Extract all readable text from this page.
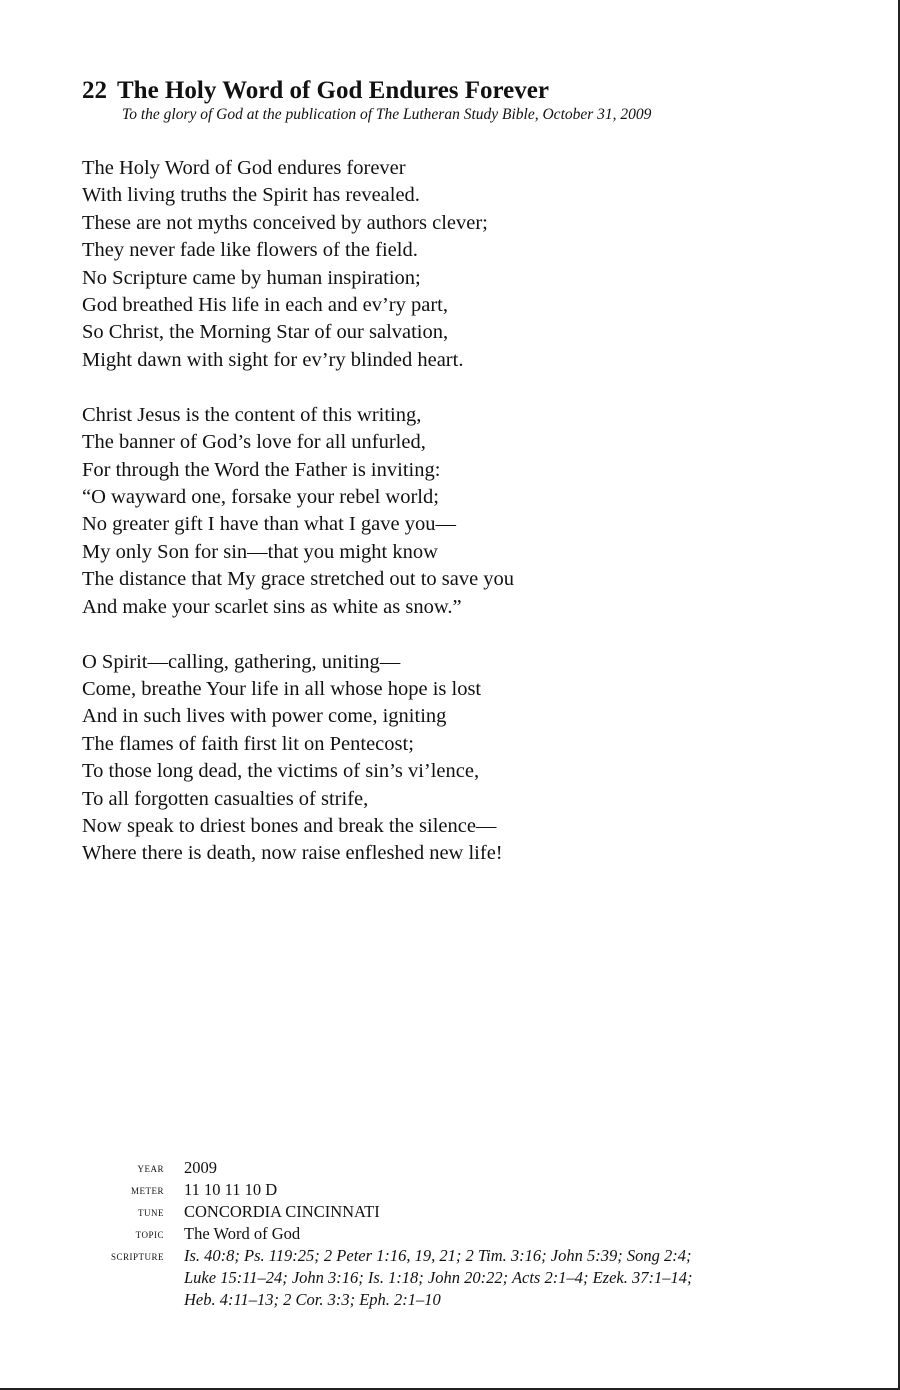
22 The Holy Word of God Endures Forever
To the glory of God at the publication of The Lutheran Study Bible, October 31, 2009
The Holy Word of God endures forever
With living truths the Spirit has revealed.
These are not myths conceived by authors clever;
They never fade like flowers of the field.
No Scripture came by human inspiration;
God breathed His life in each and ev’ry part,
So Christ, the Morning Star of our salvation,
Might dawn with sight for ev’ry blinded heart.
Christ Jesus is the content of this writing,
The banner of God’s love for all unfurled,
For through the Word the Father is inviting:
“O wayward one, forsake your rebel world;
No greater gift I have than what I gave you—
My only Son for sin—that you might know
The distance that My grace stretched out to save you
And make your scarlet sins as white as snow.”
O Spirit—calling, gathering, uniting—
Come, breathe Your life in all whose hope is lost
And in such lives with power come, igniting
The flames of faith first lit on Pentecost;
To those long dead, the victims of sin’s vi’lence,
To all forgotten casualties of strife,
Now speak to driest bones and break the silence—
Where there is death, now raise enfleshed new life!
year	2009
meter	11 10 11 10 D
tune	CONCORDIA CINCINNATI
topic	The Word of God
scripture	Is. 40:8; Ps. 119:25; 2 Peter 1:16, 19, 21; 2 Tim. 3:16; John 5:39; Song 2:4;
Luke 15:11–24; John 3:16; Is. 1:18; John 20:22; Acts 2:1–4; Ezek. 37:1–14;
Heb. 4:11–13; 2 Cor. 3:3; Eph. 2:1–10
